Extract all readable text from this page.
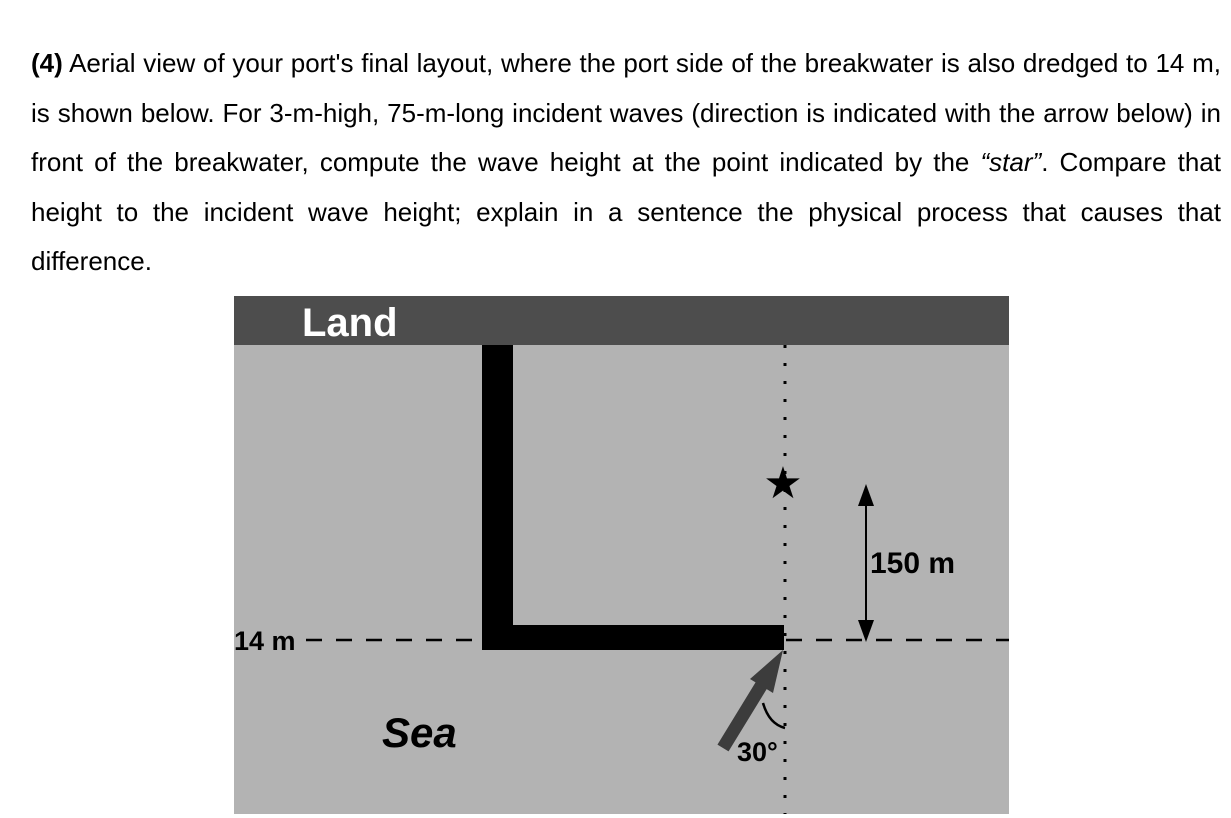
(4) Aerial view of your port's final layout, where the port side of the breakwater is also dredged to 14 m, is shown below. For 3-m-high, 75-m-long incident waves (direction is indicated with the arrow below) in front of the breakwater, compute the wave height at the point indicated by the “star”. Compare that height to the incident wave height; explain in a sentence the physical process that causes that difference.
Land
14 m
★
150 m
30°
Sea
